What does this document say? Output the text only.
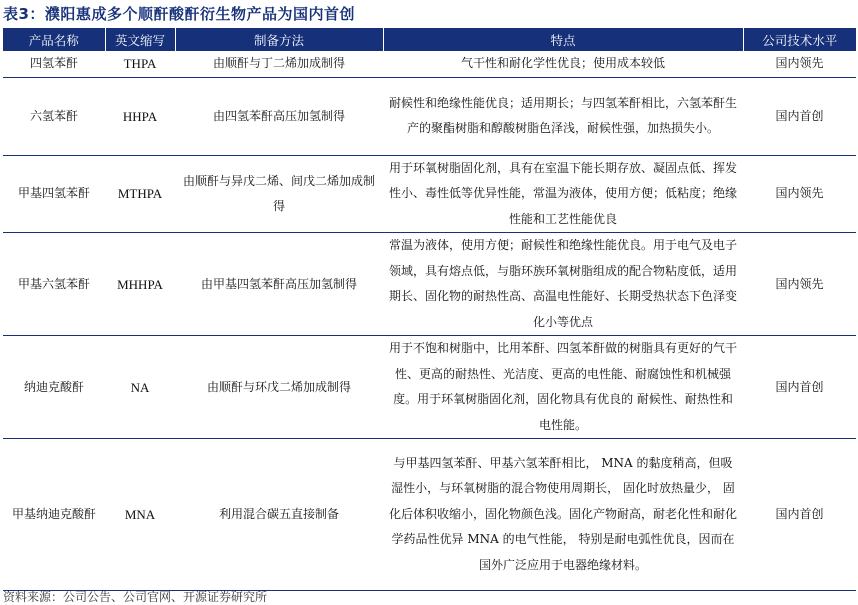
表3：濮阳惠成多个顺酐酸酐衍生物产品为国内首创
产品名称	英文缩写	制备方法	特点	公司技术水平
四氢苯酐	THPA	由顺酐与丁二烯加成制得	气干性和耐化学性优良；使用成本较低	国内领先
六氢苯酐	HHPA	由四氢苯酐高压加氢制得	耐候性和绝缘性能优良；适用期长；与四氢苯酐相比，六氢苯酐生产的聚酯树脂和醇酸树脂色泽浅，耐候性强，加热损失小。	国内首创
甲基四氢苯酐	MTHPA	由顺酐与异戊二烯、间戊二烯加成制得	用于环氧树脂固化剂，具有在室温下能长期存放、凝固点低、挥发性小、毒性低等优异性能，常温为液体，使用方便；低粘度；绝缘性能和工艺性能优良	国内领先
甲基六氢苯酐	MHHPA	由甲基四氢苯酐高压加氢制得	常温为液体，使用方便；耐候性和绝缘性能优良。用于电气及电子领域，具有熔点低，与脂环族环氧树脂组成的配合物粘度低，适用期长、固化物的耐热性高、高温电性能好、长期受热状态下色泽变化小等优点	国内领先
纳迪克酸酐	NA	由顺酐与环戊二烯加成制得	用于不饱和树脂中，比用苯酐、四氢苯酐做的树脂具有更好的气干性、更高的耐热性、光洁度、更高的电性能、耐腐蚀性和机械强度。用于环氧树脂固化剂，固化物具有优良的 耐候性、耐热性和电性能。	国内首创
甲基纳迪克酸酐	MNA	利用混合碳五直接制备	与甲基四氢苯酐、甲基六氢苯酐相比， MNA 的黏度稍高，但吸湿性小，与环氧树脂的混合物使用周期长， 固化时放热量少， 固化后体积收缩小，固化物颜色浅。固化产物耐高，耐老化性和耐化学药品性优异 MNA 的电气性能， 特别是耐电弧性优良，因而在国外广泛应用于电器绝缘材料。	国内首创
资料来源：公司公告、公司官网、开源证券研究所
